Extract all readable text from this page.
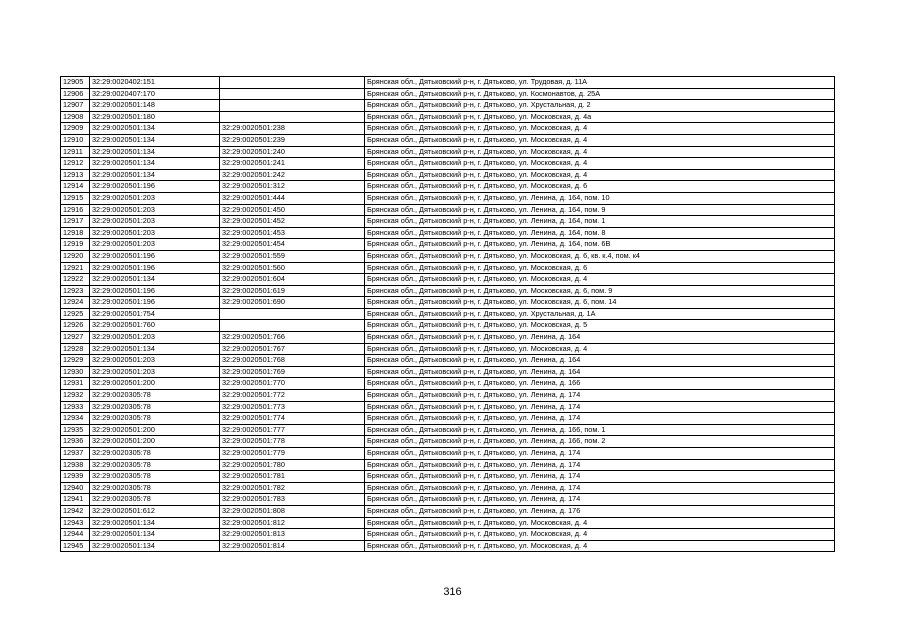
12905	32:29:0020402:151		Брянская обл., Дятьковский р-н, г. Дятьково, ул. Трудовая, д. 11А
12906	32:29:0020407:170		Брянская обл., Дятьковский р-н, г. Дятьково, ул. Космонавтов, д. 25А
12907	32:29:0020501:148		Брянская обл., Дятьковский р-н, г. Дятьково, ул. Хрустальная, д. 2
12908	32:29:0020501:180		Брянская обл., Дятьковский р-н, г. Дятьково, ул. Московская, д. 4а
12909	32:29:0020501:134	32:29:0020501:238	Брянская обл., Дятьковский р-н, г. Дятьково, ул. Московская, д. 4
12910	32:29:0020501:134	32:29:0020501:239	Брянская обл., Дятьковский р-н, г. Дятьково, ул. Московская, д. 4
12911	32:29:0020501:134	32:29:0020501:240	Брянская обл., Дятьковский р-н, г. Дятьково, ул. Московская, д. 4
12912	32:29:0020501:134	32:29:0020501:241	Брянская обл., Дятьковский р-н, г. Дятьково, ул. Московская, д. 4
12913	32:29:0020501:134	32:29:0020501:242	Брянская обл., Дятьковский р-н, г. Дятьково, ул. Московская, д. 4
12914	32:29:0020501:196	32:29:0020501:312	Брянская обл., Дятьковский р-н, г. Дятьково, ул. Московская, д. 6
12915	32:29:0020501:203	32:29:0020501:444	Брянская обл., Дятьковский р-н, г. Дятьково, ул. Ленина, д. 164, пом. 10
12916	32:29:0020501:203	32:29:0020501:450	Брянская обл., Дятьковский р-н, г. Дятьково, ул. Ленина, д. 164, пом. 9
12917	32:29:0020501:203	32:29:0020501:452	Брянская обл., Дятьковский р-н, г. Дятьково, ул. Ленина, д. 164, пом. 1
12918	32:29:0020501:203	32:29:0020501:453	Брянская обл., Дятьковский р-н, г. Дятьково, ул. Ленина, д. 164, пом. 8
12919	32:29:0020501:203	32:29:0020501:454	Брянская обл., Дятьковский р-н, г. Дятьково, ул. Ленина, д. 164, пом. 6В
12920	32:29:0020501:196	32:29:0020501:559	Брянская обл., Дятьковский р-н, г. Дятьково, ул. Московская, д. 6, кв. к.4, пом. к4
12921	32:29:0020501:196	32:29:0020501:560	Брянская обл., Дятьковский р-н, г. Дятьково, ул. Московская, д. 6
12922	32:29:0020501:134	32:29:0020501:604	Брянская обл., Дятьковский р-н, г. Дятьково, ул. Московская, д. 4
12923	32:29:0020501:196	32:29:0020501:619	Брянская обл., Дятьковский р-н, г. Дятьково, ул. Московская, д. 6, пом. 9
12924	32:29:0020501:196	32:29:0020501:690	Брянская обл., Дятьковский р-н, г. Дятьково, ул. Московская, д. 6, пом. 14
12925	32:29:0020501:754		Брянская обл., Дятьковский р-н, г. Дятьково, ул. Хрустальная, д. 1А
12926	32:29:0020501:760		Брянская обл., Дятьковский р-н, г. Дятьково, ул. Московская, д. 5
12927	32:29:0020501:203	32:29:0020501:766	Брянская обл., Дятьковский р-н, г. Дятьково, ул. Ленина, д. 164
12928	32:29:0020501:134	32:29:0020501:767	Брянская обл., Дятьковский р-н, г. Дятьково, ул. Московская, д. 4
12929	32:29:0020501:203	32:29:0020501:768	Брянская обл., Дятьковский р-н, г. Дятьково, ул. Ленина, д. 164
12930	32:29:0020501:203	32:29:0020501:769	Брянская обл., Дятьковский р-н, г. Дятьково, ул. Ленина, д. 164
12931	32:29:0020501:200	32:29:0020501:770	Брянская обл., Дятьковский р-н, г. Дятьково, ул. Ленина, д. 166
12932	32:29:0020305:78	32:29:0020501:772	Брянская обл., Дятьковский р-н, г. Дятьково, ул. Ленина, д. 174
12933	32:29:0020305:78	32:29:0020501:773	Брянская обл., Дятьковский р-н, г. Дятьково, ул. Ленина, д. 174
12934	32:29:0020305:78	32:29:0020501:774	Брянская обл., Дятьковский р-н, г. Дятьково, ул. Ленина, д. 174
12935	32:29:0020501:200	32:29:0020501:777	Брянская обл., Дятьковский р-н, г. Дятьково, ул. Ленина, д. 166, пом. 1
12936	32:29:0020501:200	32:29:0020501:778	Брянская обл., Дятьковский р-н, г. Дятьково, ул. Ленина, д. 166, пом. 2
12937	32:29:0020305:78	32:29:0020501:779	Брянская обл., Дятьковский р-н, г. Дятьково, ул. Ленина, д. 174
12938	32:29:0020305:78	32:29:0020501:780	Брянская обл., Дятьковский р-н, г. Дятьково, ул. Ленина, д. 174
12939	32:29:0020305:78	32:29:0020501:781	Брянская обл., Дятьковский р-н, г. Дятьково, ул. Ленина, д. 174
12940	32:29:0020305:78	32:29:0020501:782	Брянская обл., Дятьковский р-н, г. Дятьково, ул. Ленина, д. 174
12941	32:29:0020305:78	32:29:0020501:783	Брянская обл., Дятьковский р-н, г. Дятьково, ул. Ленина, д. 174
12942	32:29:0020501:612	32:29:0020501:808	Брянская обл., Дятьковский р-н, г. Дятьково, ул. Ленина, д. 176
12943	32:29:0020501:134	32:29:0020501:812	Брянская обл., Дятьковский р-н, г. Дятьково, ул. Московская, д. 4
12944	32:29:0020501:134	32:29:0020501:813	Брянская обл., Дятьковский р-н, г. Дятьково, ул. Московская, д. 4
12945	32:29:0020501:134	32:29:0020501:814	Брянская обл., Дятьковский р-н, г. Дятьково, ул. Московская, д. 4
316
